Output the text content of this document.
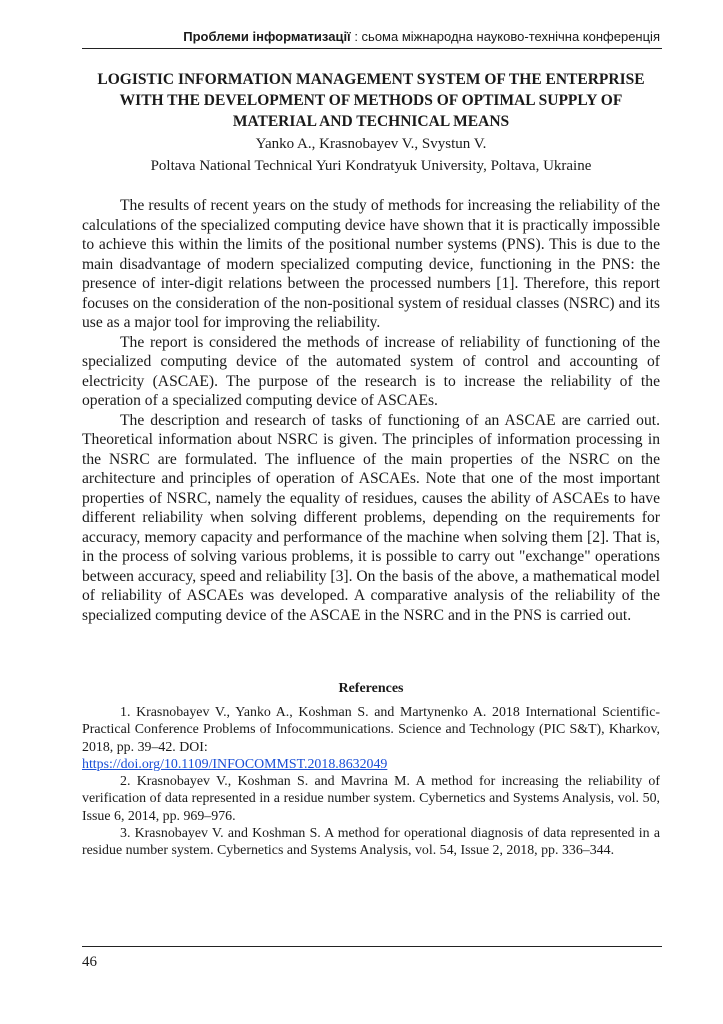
Проблеми інформатизації : сьома міжнародна науково-технічна конференція
LOGISTIC INFORMATION MANAGEMENT SYSTEM OF THE ENTERPRISE WITH THE DEVELOPMENT OF METHODS OF OPTIMAL SUPPLY OF MATERIAL AND TECHNICAL MEANS
Yanko A., Krasnobayev V., Svystun V.
Poltava National Technical Yuri Kondratyuk University, Poltava, Ukraine

The results of recent years on the study of methods for increasing the reliability of the calculations of the specialized computing device have shown that it is practically impossible to achieve this within the limits of the positional number systems (PNS). This is due to the main disadvantage of modern specialized computing device, functioning in the PNS: the presence of inter-digit relations between the processed numbers [1]. Therefore, this report focuses on the consideration of the non-positional system of residual classes (NSRC) and its use as a major tool for improving the reliability.

The report is considered the methods of increase of reliability of functioning of the specialized computing device of the automated system of control and accounting of electricity (ASCAE). The purpose of the research is to increase the reliability of the operation of a specialized computing device of ASCAEs.

The description and research of tasks of functioning of an ASCAE are carried out. Theoretical information about NSRC is given. The principles of information processing in the NSRC are formulated. The influence of the main properties of the NSRC on the architecture and principles of operation of ASCAEs. Note that one of the most important properties of NSRC, namely the equality of residues, causes the ability of ASCAEs to have different reliability when solving different problems, depending on the requirements for accuracy, memory capacity and performance of the machine when solving them [2]. That is, in the process of solving various problems, it is possible to carry out "exchange" operations between accuracy, speed and reliability [3]. On the basis of the above, a mathematical model of reliability of ASCAEs was developed. A comparative analysis of the reliability of the specialized computing device of the ASCAE in the NSRC and in the PNS is carried out.

References

1. Krasnobayev V., Yanko A., Koshman S. and Martynenko A. 2018 International Scientific-Practical Conference Problems of Infocommunications. Science and Technology (PIC S&T), Kharkov, 2018, pp. 39–42. DOI:
https://doi.org/10.1109/INFOCOMMST.2018.8632049

2. Krasnobayev V., Koshman S. and Mavrina M. A method for increasing the reliability of verification of data represented in a residue number system. Cybernetics and Systems Analysis, vol. 50, Issue 6, 2014, pp. 969–976.

3. Krasnobayev V. and Koshman S. A method for operational diagnosis of data represented in a residue number system. Cybernetics and Systems Analysis, vol. 54, Issue 2, 2018, pp. 336–344.

46
